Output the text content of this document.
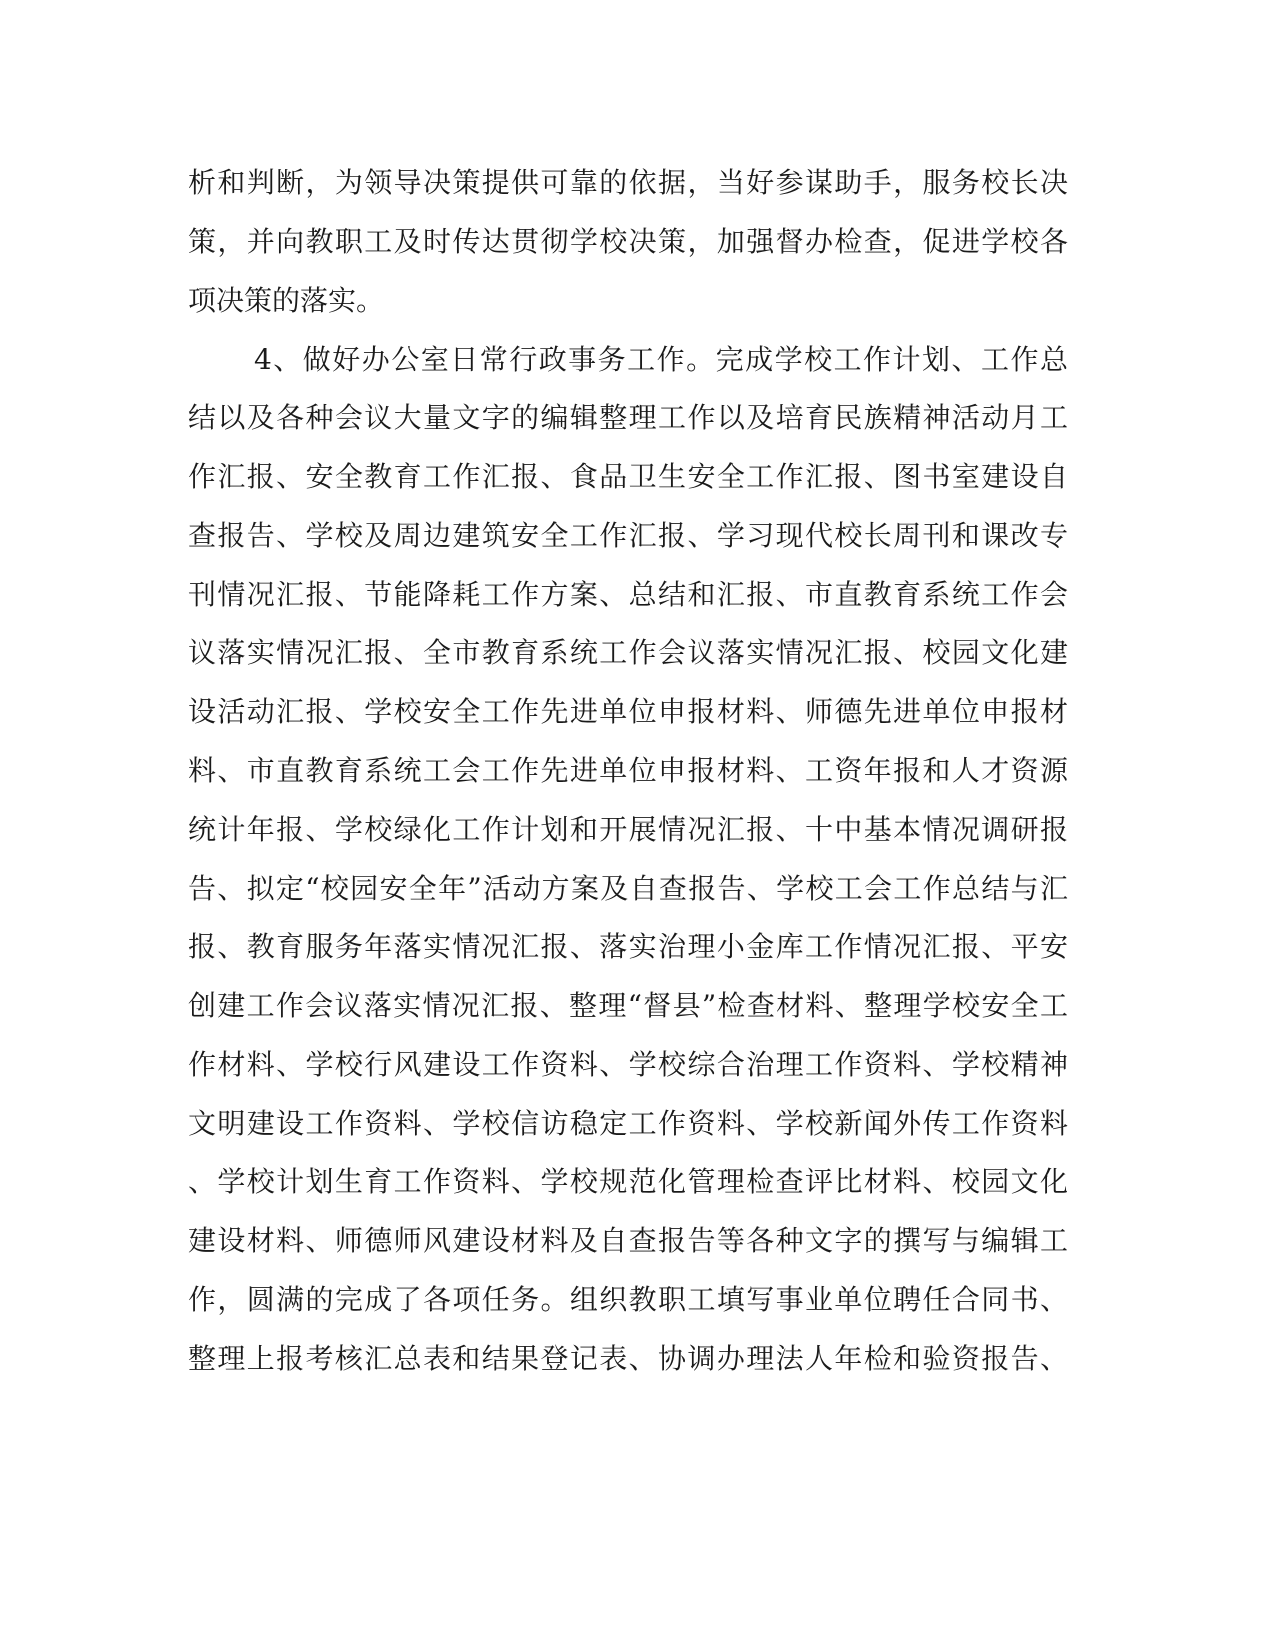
析和判断，为领导决策提供可靠的依据，当好参谋助手，服务校长决
策，并向教职工及时传达贯彻学校决策，加强督办检查，促进学校各
项决策的落实。
4、做好办公室日常行政事务工作。完成学校工作计划、工作总
结以及各种会议大量文字的编辑整理工作以及培育民族精神活动月工
作汇报、安全教育工作汇报、食品卫生安全工作汇报、图书室建设自
查报告、学校及周边建筑安全工作汇报、学习现代校长周刊和课改专
刊情况汇报、节能降耗工作方案、总结和汇报、市直教育系统工作会
议落实情况汇报、全市教育系统工作会议落实情况汇报、校园文化建
设活动汇报、学校安全工作先进单位申报材料、师德先进单位申报材
料、市直教育系统工会工作先进单位申报材料、工资年报和人才资源
统计年报、学校绿化工作计划和开展情况汇报、十中基本情况调研报
告、拟定“校园安全年”活动方案及自查报告、学校工会工作总结与汇
报、教育服务年落实情况汇报、落实治理小金库工作情况汇报、平安
创建工作会议落实情况汇报、整理“督县”检查材料、整理学校安全工
作材料、学校行风建设工作资料、学校综合治理工作资料、学校精神
文明建设工作资料、学校信访稳定工作资料、学校新闻外传工作资料
、学校计划生育工作资料、学校规范化管理检查评比材料、校园文化
建设材料、师德师风建设材料及自查报告等各种文字的撰写与编辑工
作，圆满的完成了各项任务。组织教职工填写事业单位聘任合同书、
整理上报考核汇总表和结果登记表、协调办理法人年检和验资报告、
